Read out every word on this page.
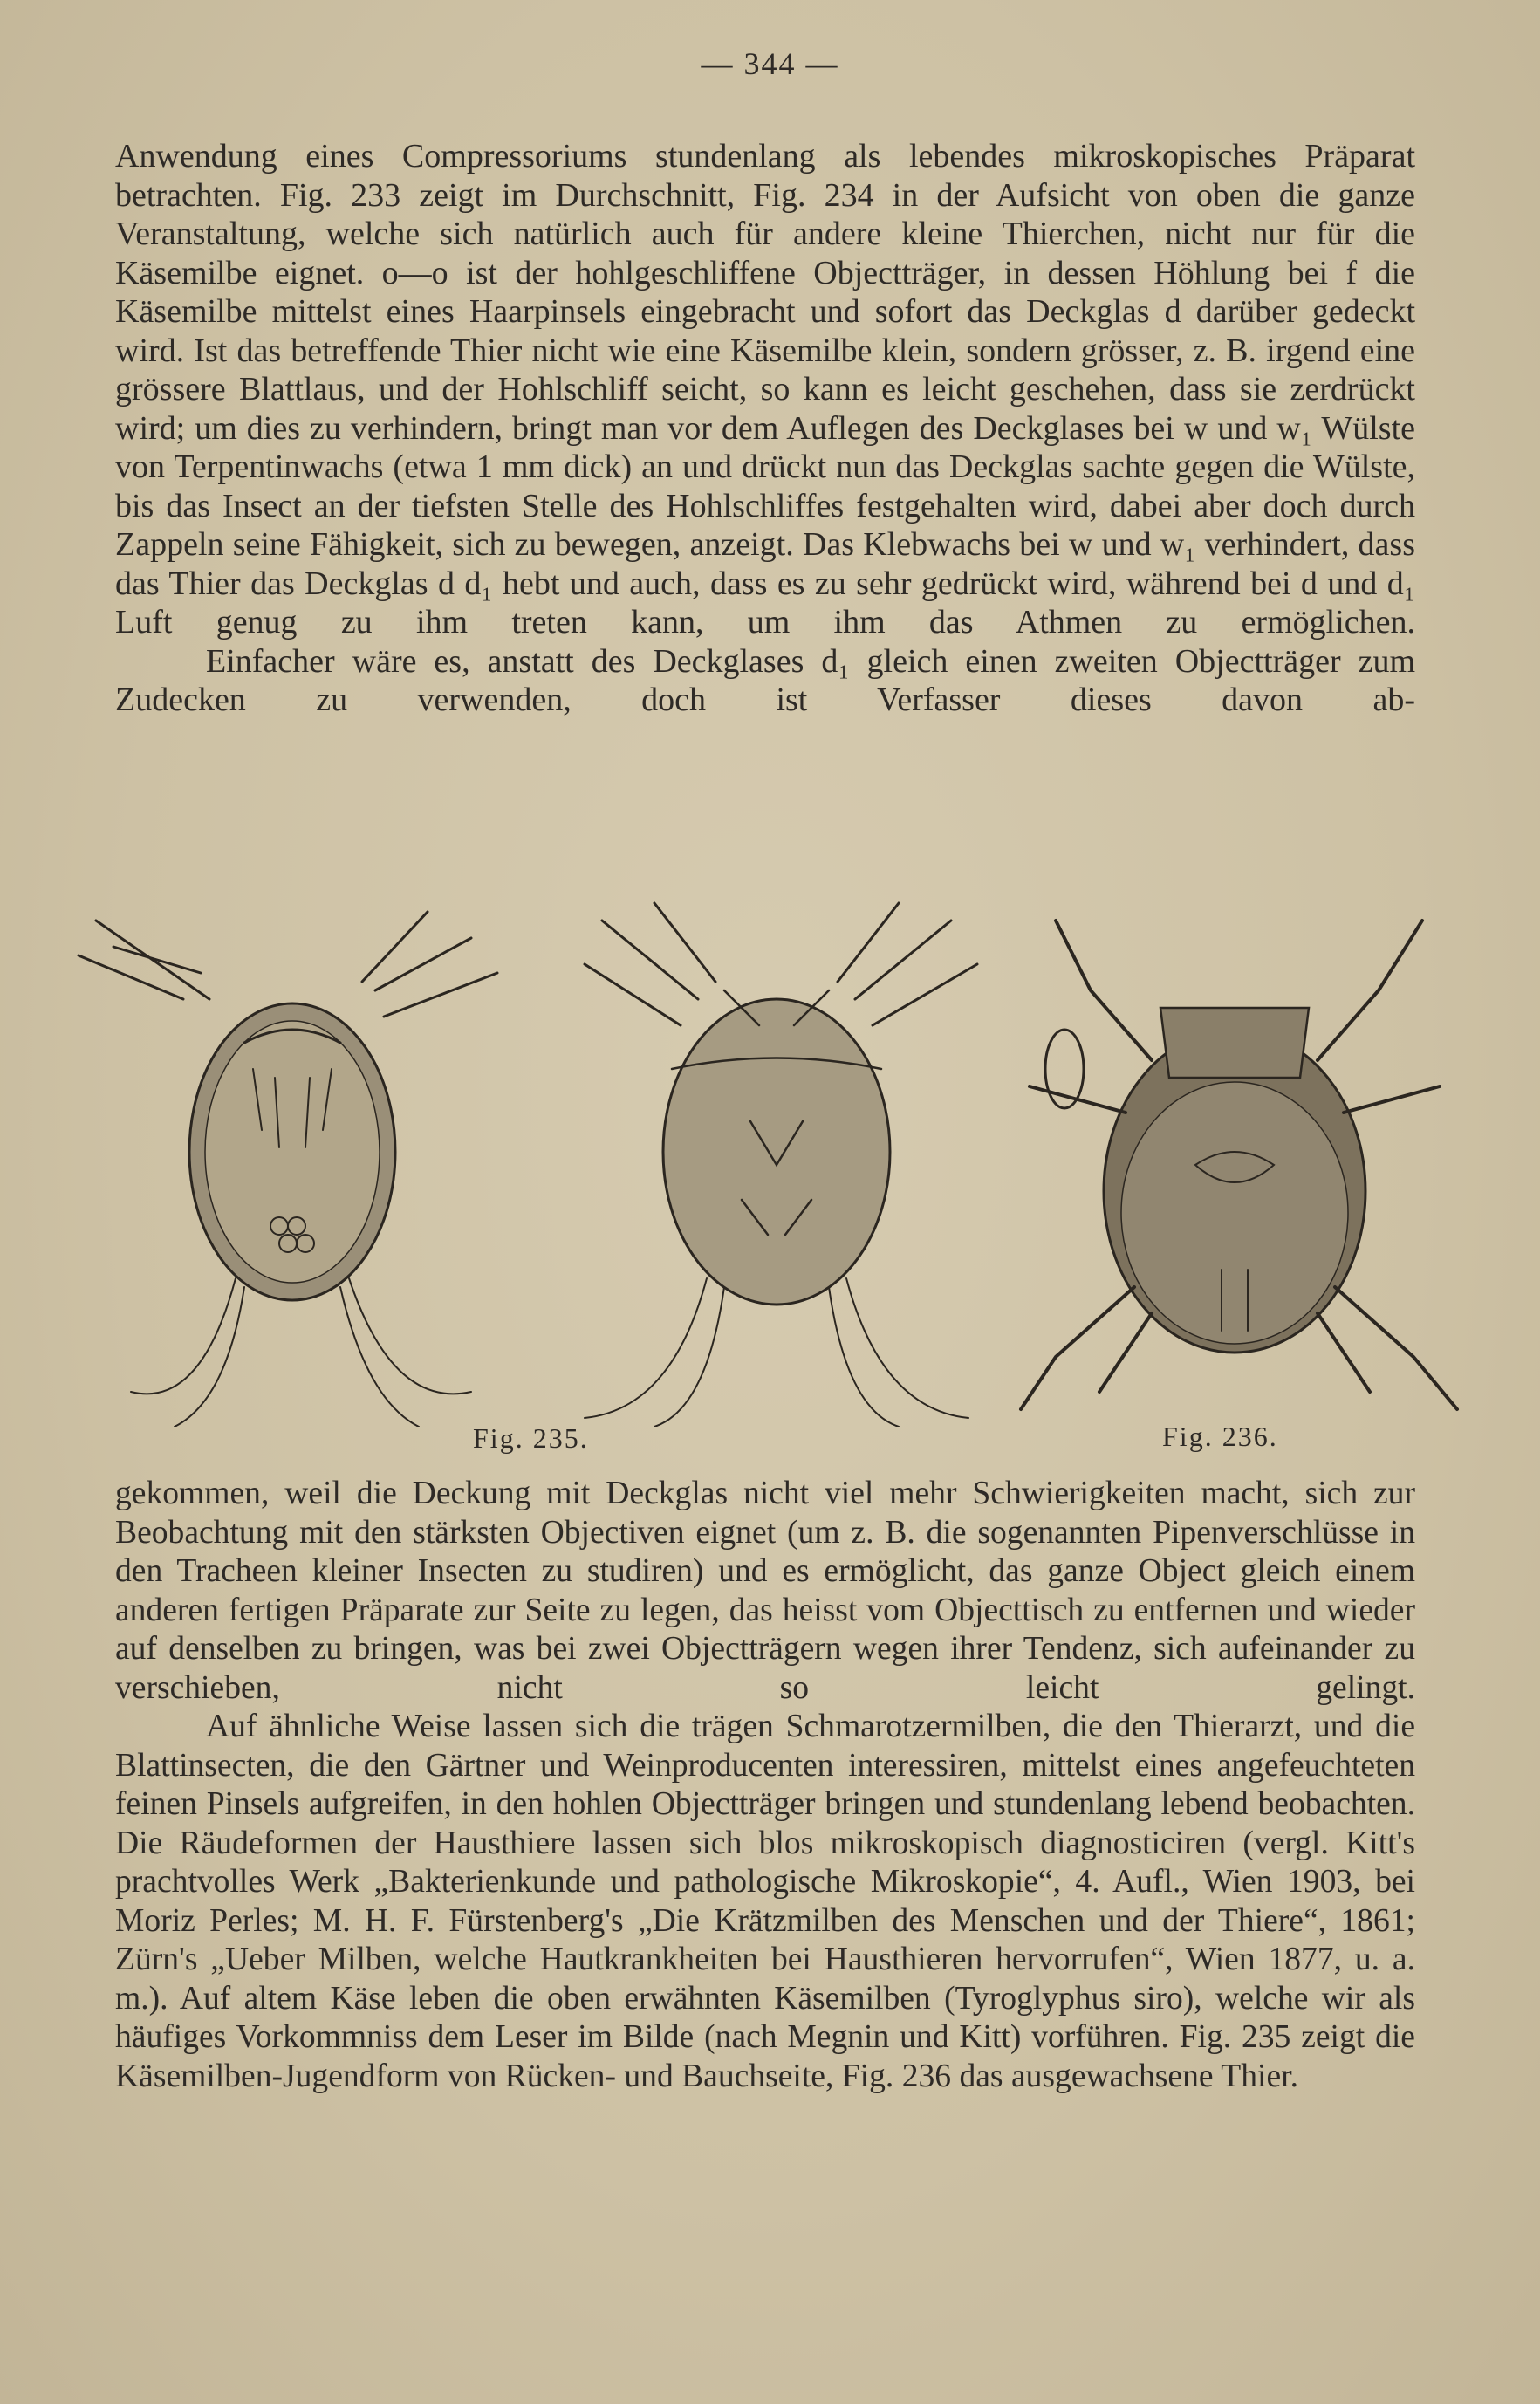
— 344 —

Anwendung eines Compressoriums stundenlang als lebendes mikroskopisches Präparat betrachten. Fig. 233 zeigt im Durchschnitt, Fig. 234 in der Aufsicht von oben die ganze Veranstaltung, welche sich natürlich auch für andere kleine Thierchen, nicht nur für die Käsemilbe eignet. o—o ist der hohlgeschliffene Objectträger, in dessen Höhlung bei f die Käsemilbe mittelst eines Haarpinsels eingebracht und sofort das Deckglas d darüber gedeckt wird. Ist das betreffende Thier nicht wie eine Käsemilbe klein, sondern grösser, z. B. irgend eine grössere Blattlaus, und der Hohlschliff seicht, so kann es leicht geschehen, dass sie zerdrückt wird; um dies zu verhindern, bringt man vor dem Auflegen des Deckglases bei w und w₁ Wülste von Terpentinwachs (etwa 1 mm dick) an und drückt nun das Deckglas sachte gegen die Wülste, bis das Insect an der tiefsten Stelle des Hohlschliffes festgehalten wird, dabei aber doch durch Zappeln seine Fähigkeit, sich zu bewegen, anzeigt. Das Klebwachs bei w und w₁ verhindert, dass das Thier das Deckglas d d₁ hebt und auch, dass es zu sehr gedrückt wird, während bei d und d₁ Luft genug zu ihm treten kann, um ihm das Athmen zu ermöglichen.

Einfacher wäre es, anstatt des Deckglases d₁ gleich einen zweiten Objectträger zum Zudecken zu verwenden, doch ist Verfasser dieses davon ab-

Fig. 235.	Fig. 236.

gekommen, weil die Deckung mit Deckglas nicht viel mehr Schwierigkeiten macht, sich zur Beobachtung mit den stärksten Objectiven eignet (um z. B. die sogenannten Pipenverschlüsse in den Tracheen kleiner Insecten zu studiren) und es ermöglicht, das ganze Object gleich einem anderen fertigen Präparate zur Seite zu legen, das heisst vom Objecttisch zu entfernen und wieder auf denselben zu bringen, was bei zwei Objectträgern wegen ihrer Tendenz, sich aufeinander zu verschieben, nicht so leicht gelingt.

Auf ähnliche Weise lassen sich die trägen Schmarotzermilben, die den Thierarzt, und die Blattinsecten, die den Gärtner und Weinproducenten interessiren, mittelst eines angefeuchteten feinen Pinsels aufgreifen, in den hohlen Objectträger bringen und stundenlang lebend beobachten. Die Räudeformen der Hausthiere lassen sich blos mikroskopisch diagnosticiren (vergl. Kitt's prachtvolles Werk „Bakterienkunde und pathologische Mikroskopie“, 4. Aufl., Wien 1903, bei Moriz Perles; M. H. F. Fürstenberg's „Die Krätzmilben des Menschen und der Thiere“, 1861; Zürn's „Ueber Milben, welche Hautkrankheiten bei Hausthieren hervorrufen“, Wien 1877, u. a. m.). Auf altem Käse leben die oben erwähnten Käsemilben (Tyroglyphus siro), welche wir als häufiges Vorkommniss dem Leser im Bilde (nach Megnin und Kitt) vorführen. Fig. 235 zeigt die Käsemilben-Jugendform von Rücken- und Bauchseite, Fig. 236 das ausgewachsene Thier.
